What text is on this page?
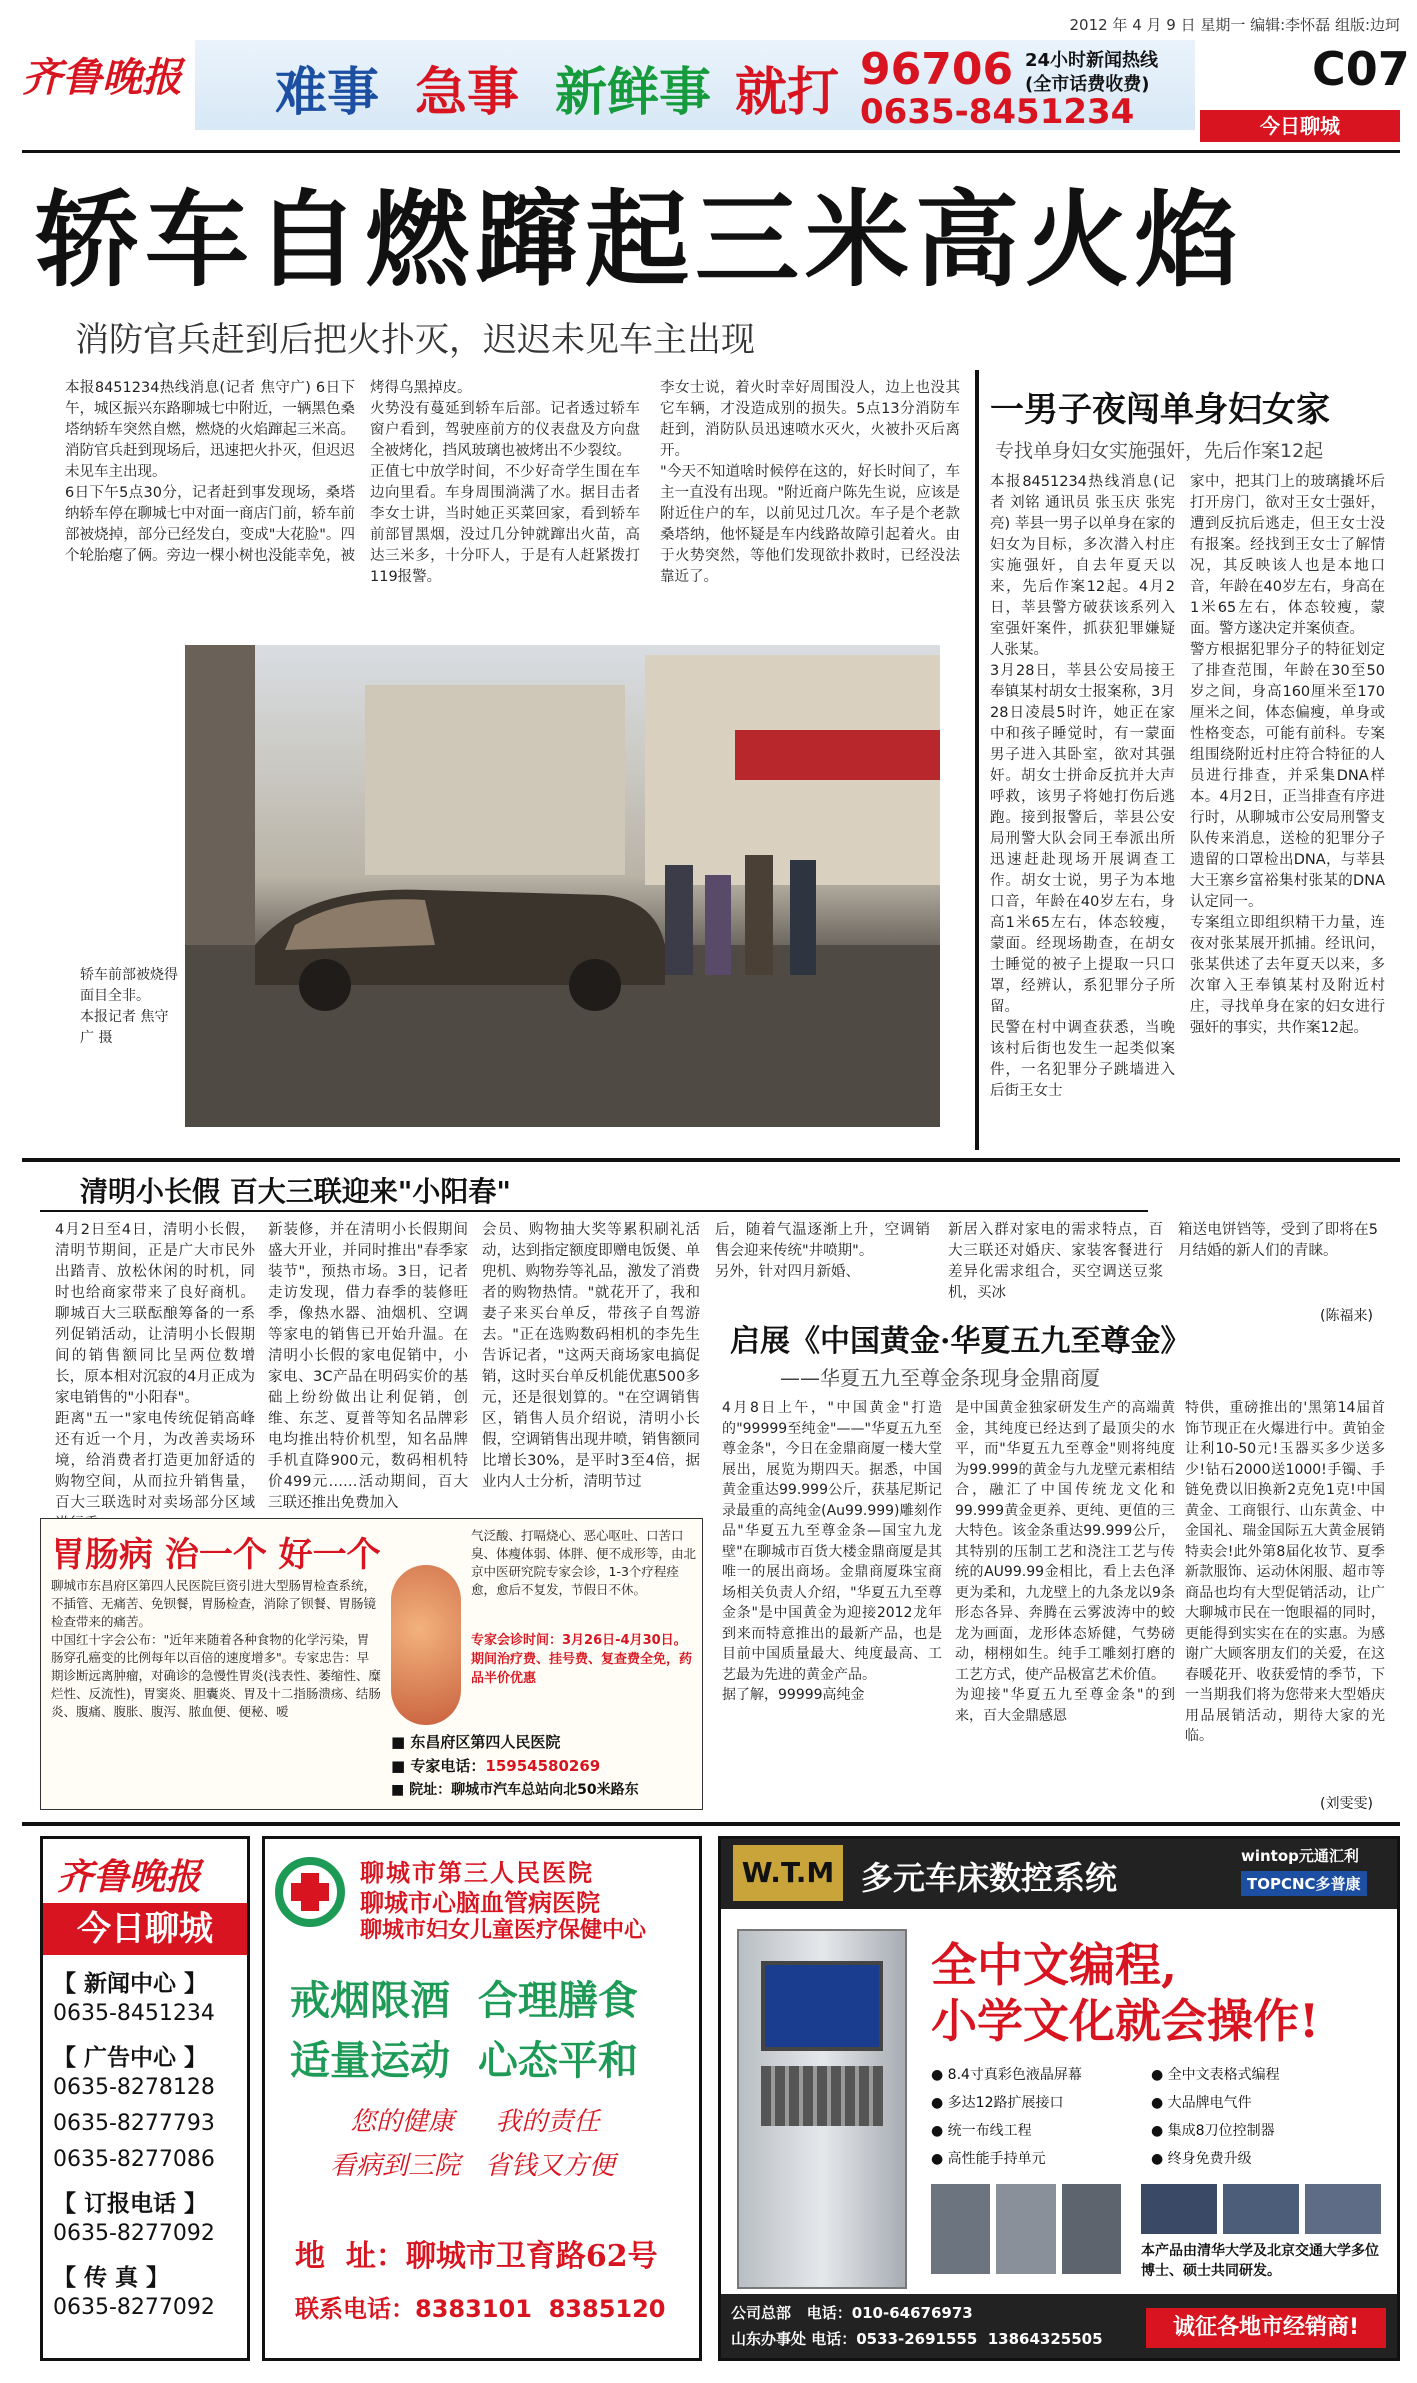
2012 年 4 月 9 日 星期一 编辑:李怀磊 组版:边珂
齐鲁晚报 难事 急事 新鲜事 就打 96706 24小时新闻热线
(全市话费收费)
0635-8451234
C07
今日聊城
轿车自燃蹿起三米高火焰
消防官兵赶到后把火扑灭，迟迟未见车主出现
本报8451234热线消息(记者 焦守广) 6日下午，城区振兴东路聊城七中附近，一辆黑色桑塔纳轿车突然自燃，燃烧的火焰蹿起三米高。消防官兵赶到现场后，迅速把火扑灭，但迟迟未见车主出现。
6日下午5点30分，记者赶到事发现场，桑塔纳轿车停在聊城七中对面一商店门前，轿车前部被烧掉，部分已经发白，变成"大花脸"。四个轮胎瘪了俩。旁边一棵小树也没能幸免，被
烤得乌黑掉皮。
火势没有蔓延到轿车后部。记者透过轿车窗户看到，驾驶座前方的仪表盘及方向盘全被烤化，挡风玻璃也被烤出不少裂纹。
正值七中放学时间，不少好奇学生围在车边向里看。车身周围淌满了水。据目击者李女士讲，当时她正买菜回家，看到轿车前部冒黑烟，没过几分钟就蹿出火苗，高达三米多，十分吓人，于是有人赶紧拨打119报警。
李女士说，着火时幸好周围没人，边上也没其它车辆，才没造成别的损失。5点13分消防车赶到，消防队员迅速喷水灭火，火被扑灭后离开。
"今天不知道啥时候停在这的，好长时间了，车主一直没有出现。"附近商户陈先生说，应该是附近住户的车，以前见过几次。车子是个老款桑塔纳，他怀疑是车内线路故障引起着火。由于火势突然，等他们发现欲扑救时，已经没法靠近了。
轿车前部被烧得面目全非。
本报记者 焦守广 摄
一男子夜闯单身妇女家
专找单身妇女实施强奸，先后作案12起
本报8451234热线消息(记者 刘铭 通讯员 张玉庆 张宪亮) 莘县一男子以单身在家的妇女为目标，多次潜入村庄实施强奸，自去年夏天以来，先后作案12起。4月2日，莘县警方破获该系列入室强奸案件，抓获犯罪嫌疑人张某。
3月28日，莘县公安局接王奉镇某村胡女士报案称，3月28日凌晨5时许，她正在家中和孩子睡觉时，有一蒙面男子进入其卧室，欲对其强奸。胡女士拼命反抗并大声呼救，该男子将她打伤后逃跑。接到报警后，莘县公安局刑警大队会同王奉派出所迅速赶赴现场开展调查工作。胡女士说，男子为本地口音，年龄在40岁左右，身高1米65左右，体态较瘦，蒙面。经现场勘查，在胡女士睡觉的被子上提取一只口罩，经辨认，系犯罪分子所留。
民警在村中调查获悉，当晚该村后街也发生一起类似案件，一名犯罪分子跳墙进入后街王女士
家中，把其门上的玻璃撬坏后打开房门，欲对王女士强奸，遭到反抗后逃走，但王女士没有报案。经找到王女士了解情况，其反映该人也是本地口音，年龄在40岁左右，身高在1米65左右，体态较瘦，蒙面。警方遂决定并案侦查。
警方根据犯罪分子的特征划定了排查范围，年龄在30至50岁之间，身高160厘米至170厘米之间，体态偏瘦，单身或性格变态，可能有前科。专案组围绕附近村庄符合特征的人员进行排查，并采集DNA样本。4月2日，正当排查有序进行时，从聊城市公安局刑警支队传来消息，送检的犯罪分子遗留的口罩检出DNA，与莘县大王寨乡富裕集村张某的DNA认定同一。
专案组立即组织精干力量，连夜对张某展开抓捕。经讯问，张某供述了去年夏天以来，多次窜入王奉镇某村及附近村庄，寻找单身在家的妇女进行强奸的事实，共作案12起。
清明小长假 百大三联迎来"小阳春"
4月2日至4日，清明小长假，清明节期间，正是广大市民外出踏青、放松休闲的时机，同时也给商家带来了良好商机。聊城百大三联酝酿筹备的一系列促销活动，让清明小长假期间的销售额同比呈两位数增长，原本相对沉寂的4月正成为家电销售的"小阳春"。
距离"五一"家电传统促销高峰还有近一个月，为改善卖场环境，给消费者打造更加舒适的购物空间，从而拉升销售量，百大三联选时对卖场部分区域
新装修，并在清明小长假期间盛大开业，并同时推出"春季家装节"，预热市场。3日，记者走访发现，借力春季的装修旺季，像热水器、油烟机、空调等家电的销售已开始升温。在清明小长假的家电促销中，小家电、3C产品在明码实价的基础上纷纷做出让利促销，创维、东芝、夏普等知名品牌彩电均推出特价机型，知名品牌手机直降900元，数码相机特价499元……活动期间，百大三联还推出免费加入
会员、购物抽大奖等累积刷礼活动，达到指定额度即赠电饭煲、单兜机、购物券等礼品，激发了消费者的购物热情。"就花开了，我和妻子来买台单反，带孩子自驾游去。"正在选购数码相机的李先生告诉记者，"这两天商场家电搞促销，这时买台单反机能优惠500多元，还是很划算的。"在空调销售区，销售人员介绍说，清明小长假，空调销售出现井喷，销售额同比增长30%，是平时3至4倍，据业内人士分析，清明节过
后，随着气温逐渐上升，空调销售会迎来传统"井喷期"。
另外，针对四月新婚、
新居入群对家电的需求特点，百大三联还对婚庆、家装客餐进行差异化需求组合，买空调送豆浆机，买冰
箱送电饼铛等，受到了即将在5月结婚的新人们的青睐。
(陈福来)
启展《中国黄金·华夏五九至尊金》
——华夏五九至尊金条现身金鼎商厦
4月8日上午，"中国黄金"打造的"99999至纯金"——"华夏五九至尊金条"，今日在金鼎商厦一楼大堂展出，展览为期四天。据悉，中国黄金重达99.999公斤，获基尼斯记录最重的高纯金(Au99.999)雕刻作品"华夏五九至尊金条—国宝九龙壁"在聊城市百货大楼金鼎商厦是其唯一的展出商场。金鼎商厦珠宝商场相关负责人介绍，"华夏五九至尊金条"是中国黄金为迎接2012龙年到来而特意推出的最新产品，也是目前中国质量最大、纯度最高、工艺最为先进的黄金产品。
据了解，99999高纯金
是中国黄金独家研发生产的高端黄金，其纯度已经达到了最顶尖的水平，而"华夏五九至尊金"则将纯度为99.999的黄金与九龙壁元素相结合，融汇了中国传统龙文化和99.999黄金更养、更纯、更值的三大特色。该金条重达99.999公斤，其特别的压制工艺和浇注工艺与传统的AU99.99金相比，看上去色泽更为柔和，九龙壁上的九条龙以9条形态各异、奔腾在云雾波涛中的蛟龙为画面，龙形体态矫健，气势磅动，栩栩如生。纯手工雕刻打磨的工艺方式，使产品极富艺术价值。
为迎接"华夏五九至尊金条"的到来，百大金鼎感恩
特供，重磅推出的'黑第14届首饰节现正在火爆进行中。黄铂金让利10-50元!玉器买多少送多少!钻石2000送1000!手镯、手链免费以旧换新2克免1克!中国黄金、工商银行、山东黄金、中金国礼、瑞金国际五大黄金展销特卖会!此外第8届化妆节、夏季新款服饰、运动休闲服、超市等商品也均有大型促销活动，让广大聊城市民在一饱眼福的同时，更能得到实实在在的实惠。为感谢广大顾客朋友们的关爱，在这春暖花开、收获爱情的季节，下一当期我们将为您带来大型婚庆用品展销活动，期待大家的光临。
(刘雯雯)
胃肠病 治一个 好一个
聊城市东昌府区第四人民医院巨资引进大型肠胃检查系统，不插管、无痛苦、免钡餐，胃肠检查，消除了钡餐、胃肠镜检查带来的痛苦。
中国红十字会公布："近年来随着各种食物的化学污染，胃肠穿孔癌变的比例每年以百倍的速度增多"。专家忠告：早期诊断远离肿瘤，对确诊的急慢性胃炎(浅表性、萎缩性、糜烂性、反流性)，胃窦炎、胆囊炎、胃及十二指肠溃疡、结肠炎、腹痛、腹胀、腹泻、脓血便、便秘、嗳
气泛酸、打嗝烧心、恶心呕吐、口苦口臭、体瘦体弱、体胖、便不成形等，由北京中医研究院专家会诊，1-3个疗程痊愈，愈后不复发，节假日不休。
专家会诊时间：3月26日-4月30日。期间治疗费、挂号费、复查费全免，药品半价优惠
■ 东昌府区第四人民医院
■ 专家电话：15954580269
■ 院址：聊城市汽车总站向北50米路东
齐鲁晚报
今日聊城
【 新闻中心 】
0635-8451234
【 广告中心 】
0635-8278128
0635-8277793
0635-8277086
【 订报电话 】
0635-8277092
【 传 真 】
0635-8277092
聊城市第三人民医院
聊城市心脑血管病医院
聊城市妇女儿童医疗保健中心
戒烟限酒  合理膳食
适量运动  心态平和
您的健康     我的责任
看病到三院   省钱又方便
地  址：聊城市卫育路62号
联系电话：8383101  8385120
W.T.M 多元车床数控系统
wintop元通汇利
TOPCNC多普康
全中文编程,
小学文化就会操作!
● 8.4寸真彩色液晶屏幕
● 多达12路扩展接口
● 统一布线工程
● 高性能手持单元
● 全中文表格式编程
● 大品牌电气件
● 集成8刀位控制器
● 终身免费升级
本产品由清华大学及北京交通大学多位博士、硕士共同研发。
公司总部 电话：010-64676973
山东办事处 电话：0533-2691555  13864325505	诚征各地市经销商!
